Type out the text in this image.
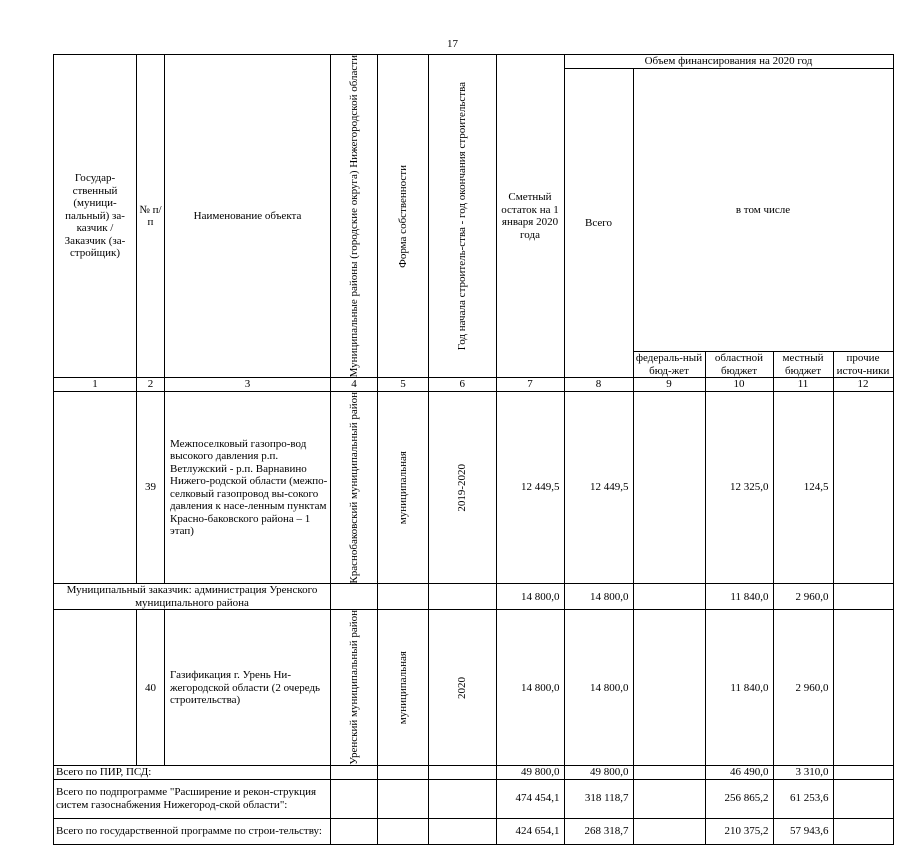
17
Государ-ственный (муници-пальный) за-казчик / Заказчик (за-стройщик)	№ п/п	Наименование объекта	Муниципальные районы (городские округа) Нижегородской области	Форма собственности	Год начала строитель-ства - год окончания строительства	Сметный остаток на 1 января 2020 года	Объем финансирования на 2020 год				
							Всего	в том числе			
								федераль-ный бюд-жет	областной бюджет	местный бюджет	прочие источ-ники
1	2	3	4	5	6	7	8	9	10	11	12
	39	Межпоселковый газопро-вод высокого давления р.п. Ветлужский - р.п. Варнавино Нижего-родской области (межпо-селковый газопровод вы-сокого давления к насе-ленным пунктам Красно-баковского района – 1 этап)	Краснобаковский муниципальный район	муниципальная	2019-2020	12 449,5	12 449,5		12 325,0	124,5	
Муниципальный заказчик: администрация Уренского муниципального района						14 800,0	14 800,0		11 840,0	2 960,0	
	40	Газификация г. Урень Ни-жегородской области (2 очередь строительства)	Уренский муниципальный район	муниципальная	2020	14 800,0	14 800,0		11 840,0	2 960,0	
Всего по ПИР, ПСД:						49 800,0	49 800,0		46 490,0	3 310,0	
Всего по подпрограмме "Расширение и рекон-струкция систем газоснабжения Нижегород-ской области":						474 454,1	318 118,7		256 865,2	61 253,6	
Всего по государственной программе по строи-тельству:						424 654,1	268 318,7		210 375,2	57 943,6	
